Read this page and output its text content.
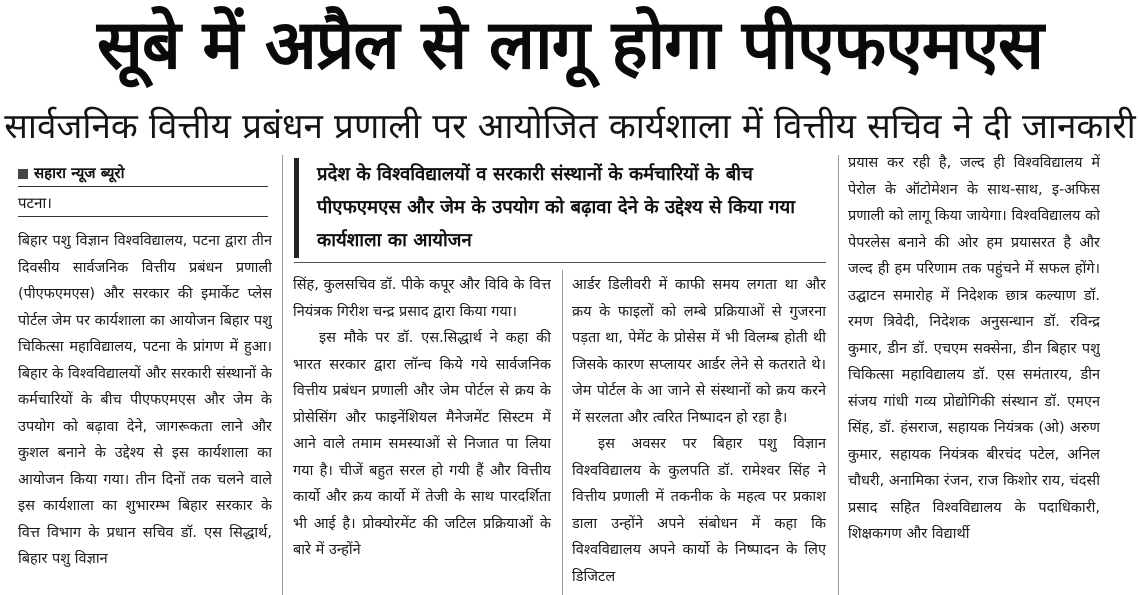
सूबे में अप्रैल से लागू होगा पीएफएमएस
सार्वजनिक वित्तीय प्रबंधन प्रणाली पर आयोजित कार्यशाला में वित्तीय सचिव ने दी जानकारी
सहारा न्यूज ब्यूरो
पटना।

बिहार पशु विज्ञान विश्वविद्यालय, पटना द्वारा तीन दिवसीय सार्वजनिक वित्तीय प्रबंधन प्रणाली (पीएफएमएस) और सरकार की इमार्केट प्लेस पोर्टल जेम पर कार्यशाला का आयोजन बिहार पशु चिकित्सा महाविद्यालय, पटना के प्रांगण में हुआ। बिहार के विश्वविद्यालयों और सरकारी संस्थानों के कर्मचारियों के बीच पीएफएमएस और जेम के उपयोग को बढ़ावा देने, जागरूकता लाने और कुशल बनाने के उद्देश्य से इस कार्यशाला का आयोजन किया गया। तीन दिनों तक चलने वाले इस कार्यशाला का शुभारम्भ बिहार सरकार के वित्त विभाग के प्रधान सचिव डॉ. एस सिद्धार्थ, बिहार पशु विज्ञान

प्रदेश के विश्वविद्यालयों व सरकारी संस्थानों के कर्मचारियों के बीच पीएफएमएस और जेम के उपयोग को बढ़ावा देने के उद्देश्य से किया गया कार्यशाला का आयोजन

सिंह, कुलसचिव डॉ. पीके कपूर और विवि के वित्त नियंत्रक गिरीश चन्द्र प्रसाद द्वारा किया गया।

इस मौके पर डॉ. एस.सिद्धार्थ ने कहा की भारत सरकार द्वारा लॉन्च किये गये सार्वजनिक वित्तीय प्रबंधन प्रणाली और जेम पोर्टल से क्रय के प्रोसेसिंग और फाइनेंशियल मैनेजमेंट सिस्टम में आने वाले तमाम समस्याओं से निजात पा लिया गया है। चीजें बहुत सरल हो गयी हैं और वित्तीय कार्यो और क्रय कार्यो में तेजी के साथ पारदर्शिता भी आई है। प्रोक्योरमेंट की जटिल प्रक्रियाओं के बारे में उन्होंने

आर्डर डिलीवरी में काफी समय लगता था और क्रय के फाइलों को लम्बे प्रक्रियाओं से गुजरना पड़ता था, पेमेंट के प्रोसेस में भी विलम्ब होती थी जिसके कारण सप्लायर आर्डर लेने से कतराते थे। जेम पोर्टल के आ जाने से संस्थानों को क्रय करने में सरलता और त्वरित निष्पादन हो रहा है।

इस अवसर पर बिहार पशु विज्ञान विश्वविद्यालय के कुलपति डॉ. रामेश्वर सिंह ने वित्तीय प्रणाली में तकनीक के महत्व पर प्रकाश डाला उन्होंने अपने संबोधन में कहा कि विश्वविद्यालय अपने कार्यो के निष्पादन के लिए डिजिटल

प्रयास कर रही है, जल्द ही विश्वविद्यालय में पेरोल के ऑटोमेशन के साथ-साथ, इ-अफिस प्रणाली को लागू किया जायेगा। विश्वविद्यालय को पेपरलेस बनाने की ओर हम प्रयासरत है और जल्द ही हम परिणाम तक पहुंचने में सफल होंगे। उद्घाटन समारोह में निदेशक छात्र कल्याण डॉ. रमण त्रिवेदी, निदेशक अनुसन्धान डॉ. रविन्द्र कुमार, डीन डॉ. एचएम सक्सेना, डीन बिहार पशु चिकित्सा महाविद्यालय डॉ. एस समंतारय, डीन संजय गांधी गव्य प्रोद्योगिकी संस्थान डॉ. एमएन सिंह, डॉ. हंसराज, सहायक नियंत्रक (ओ) अरुण कुमार, सहायक नियंत्रक बीरचंद पटेल, अनिल चौधरी, अनामिका रंजन, राज किशोर राय, चंदसी प्रसाद सहित विश्वविद्यालय के पदाधिकारी, शिक्षकगण और विद्यार्थी
